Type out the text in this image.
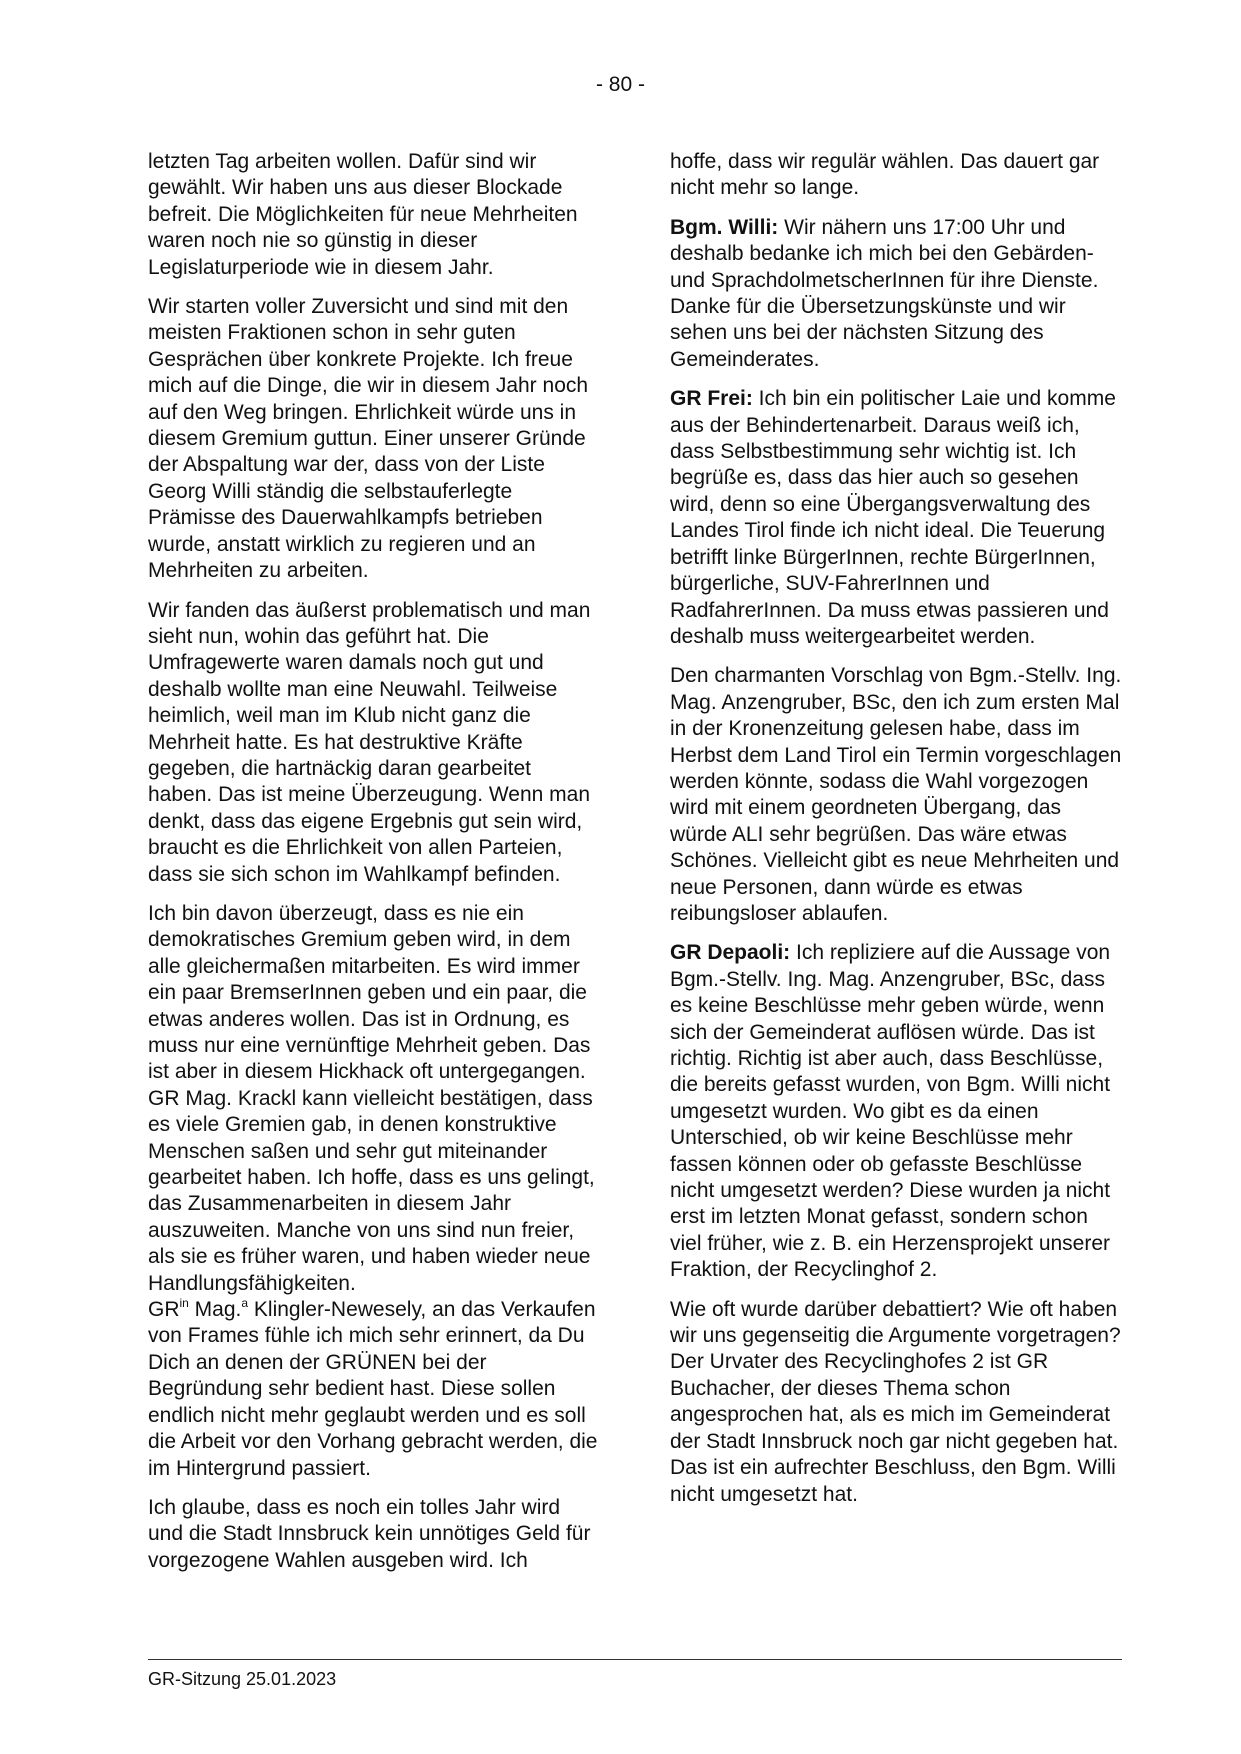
- 80 -

letzten Tag arbeiten wollen. Dafür sind wir gewählt. Wir haben uns aus dieser Blockade befreit. Die Möglichkeiten für neue Mehrheiten waren noch nie so günstig in dieser Legislaturperiode wie in diesem Jahr.

Wir starten voller Zuversicht und sind mit den meisten Fraktionen schon in sehr guten Gesprächen über konkrete Projekte. Ich freue mich auf die Dinge, die wir in diesem Jahr noch auf den Weg bringen. Ehrlichkeit würde uns in diesem Gremium guttun. Einer unserer Gründe der Abspaltung war der, dass von der Liste Georg Willi ständig die selbstauferlegte Prämisse des Dauerwahlkampfs betrieben wurde, anstatt wirklich zu regieren und an Mehrheiten zu arbeiten.

Wir fanden das äußerst problematisch und man sieht nun, wohin das geführt hat. Die Umfragewerte waren damals noch gut und deshalb wollte man eine Neuwahl. Teilweise heimlich, weil man im Klub nicht ganz die Mehrheit hatte. Es hat destruktive Kräfte gegeben, die hartnäckig daran gearbeitet haben. Das ist meine Überzeugung. Wenn man denkt, dass das eigene Ergebnis gut sein wird, braucht es die Ehrlichkeit von allen Parteien, dass sie sich schon im Wahlkampf befinden.

Ich bin davon überzeugt, dass es nie ein demokratisches Gremium geben wird, in dem alle gleichermaßen mitarbeiten. Es wird immer ein paar BremserInnen geben und ein paar, die etwas anderes wollen. Das ist in Ordnung, es muss nur eine vernünftige Mehrheit geben. Das ist aber in diesem Hickhack oft untergegangen.

GR Mag. Krackl kann vielleicht bestätigen, dass es viele Gremien gab, in denen konstruktive Menschen saßen und sehr gut miteinander gearbeitet haben. Ich hoffe, dass es uns gelingt, das Zusammenarbeiten in diesem Jahr auszuweiten. Manche von uns sind nun freier, als sie es früher waren, und haben wieder neue Handlungsfähigkeiten.

$GR^{in}$ Mag.$^a$ Klingler-Newesely, an das Verkaufen von Frames fühle ich mich sehr erinnert, da Du Dich an denen der GRÜNEN bei der Begründung sehr bedient hast. Diese sollen endlich nicht mehr geglaubt werden und es soll die Arbeit vor den Vorhang gebracht werden, die im Hintergrund passiert.

Ich glaube, dass es noch ein tolles Jahr wird und die Stadt Innsbruck kein unnötiges Geld für vorgezogene Wahlen ausgeben wird. Ich

hoffe, dass wir regulär wählen. Das dauert gar nicht mehr so lange.

Bgm. Willi: Wir nähern uns 17:00 Uhr und deshalb bedanke ich mich bei den Gebärden- und SprachdolmetscherInnen für ihre Dienste. Danke für die Übersetzungskünste und wir sehen uns bei der nächsten Sitzung des Gemeinderates.

GR Frei: Ich bin ein politischer Laie und komme aus der Behindertenarbeit. Daraus weiß ich, dass Selbstbestimmung sehr wichtig ist. Ich begrüße es, dass das hier auch so gesehen wird, denn so eine Übergangsverwaltung des Landes Tirol finde ich nicht ideal. Die Teuerung betrifft linke BürgerInnen, rechte BürgerInnen, bürgerliche, SUV-FahrerInnen und RadfahrerInnen. Da muss etwas passieren und deshalb muss weitergearbeitet werden.

Den charmanten Vorschlag von Bgm.-Stellv. Ing. Mag. Anzengruber, BSc, den ich zum ersten Mal in der Kronenzeitung gelesen habe, dass im Herbst dem Land Tirol ein Termin vorgeschlagen werden könnte, sodass die Wahl vorgezogen wird mit einem geordneten Übergang, das würde ALI sehr begrüßen. Das wäre etwas Schönes. Vielleicht gibt es neue Mehrheiten und neue Personen, dann würde es etwas reibungsloser ablaufen.

GR Depaoli: Ich repliziere auf die Aussage von Bgm.-Stellv. Ing. Mag. Anzengruber, BSc, dass es keine Beschlüsse mehr geben würde, wenn sich der Gemeinderat auflösen würde. Das ist richtig. Richtig ist aber auch, dass Beschlüsse, die bereits gefasst wurden, von Bgm. Willi nicht umgesetzt wurden. Wo gibt es da einen Unterschied, ob wir keine Beschlüsse mehr fassen können oder ob gefasste Beschlüsse nicht umgesetzt werden? Diese wurden ja nicht erst im letzten Monat gefasst, sondern schon viel früher, wie z. B. ein Herzensprojekt unserer Fraktion, der Recyclinghof 2.

Wie oft wurde darüber debattiert? Wie oft haben wir uns gegenseitig die Argumente vorgetragen? Der Urvater des Recyclinghofes 2 ist GR Buchacher, der dieses Thema schon angesprochen hat, als es mich im Gemeinderat der Stadt Innsbruck noch gar nicht gegeben hat. Das ist ein aufrechter Beschluss, den Bgm. Willi nicht umgesetzt hat.

GR-Sitzung 25.01.2023
